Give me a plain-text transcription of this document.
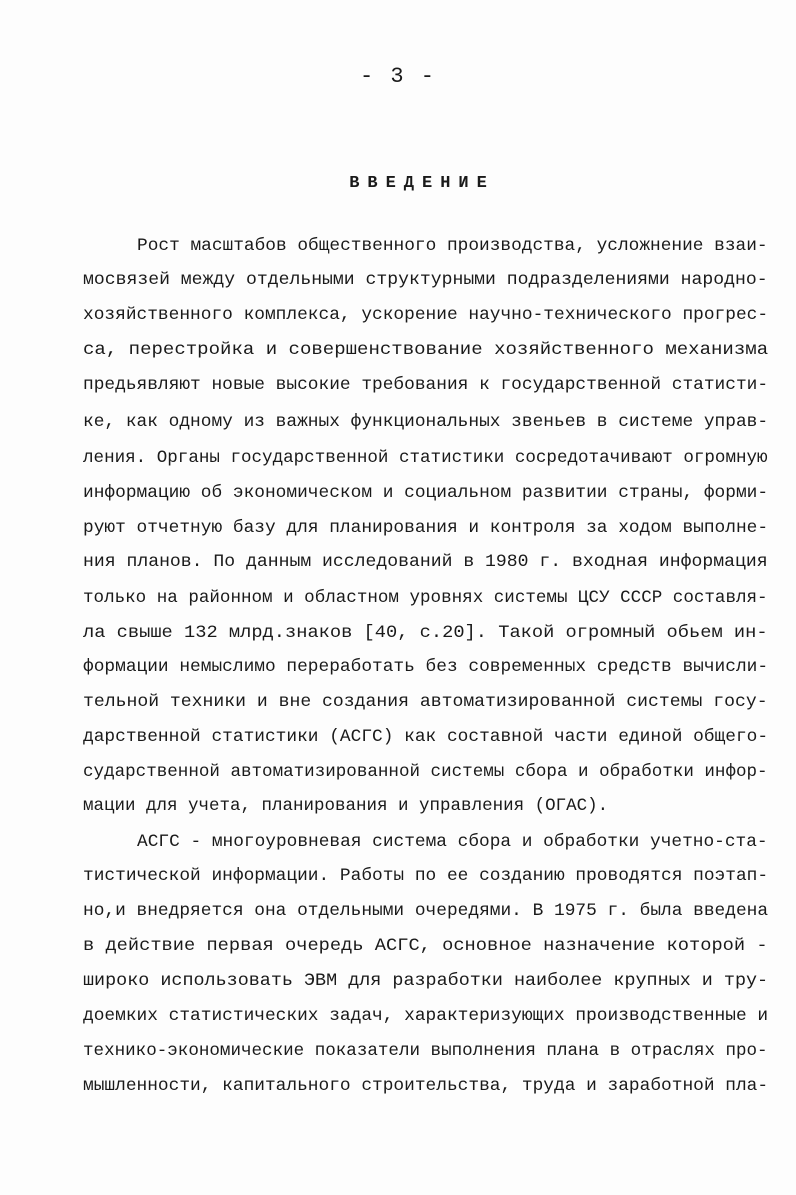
- 3 -
ВВЕДЕНИЕ
Рост масштабов общественного производства, усложнение взаи-
мосвязей между отдельными структурными подразделениями народно-
хозяйственного комплекса, ускорение научно-технического прогрес-
са, перестройка и совершенствование хозяйственного механизма
предьявляют новые высокие требования к государственной статисти-
ке, как одному из важных функциональных звеньев в системе управ-
ления. Органы государственной статистики сосредотачивают огромную
информацию об экономическом и социальном развитии страны, форми-
руют отчетную базу для планирования и контроля за ходом выполне-
ния планов. По данным исследований в 1980 г. входная информация
только на районном и областном уровнях системы ЦСУ СССР составля-
ла свыше 132 млрд.знаков [40, с.20]. Такой огромный обьем ин-
формации немыслимо переработать без современных средств вычисли-
тельной техники и вне создания автоматизированной системы госу-
дарственной статистики (АСГС) как составной части единой общего-
сударственной автоматизированной системы сбора и обработки инфор-
мации для учета, планирования и управления (ОГАС).
АСГС - многоуровневая система сбора и обработки учетно-ста-
тистической информации. Работы по ее созданию проводятся поэтап-
но,и внедряется она отдельными очередями. В 1975 г. была введена
в действие первая очередь АСГС, основное назначение которой -
широко использовать ЭВМ для разработки наиболее крупных и тру-
доемких статистических задач, характеризующих производственные и
технико-экономические показатели выполнения плана в отраслях про-
мышленности, капитального строительства, труда и заработной пла-
